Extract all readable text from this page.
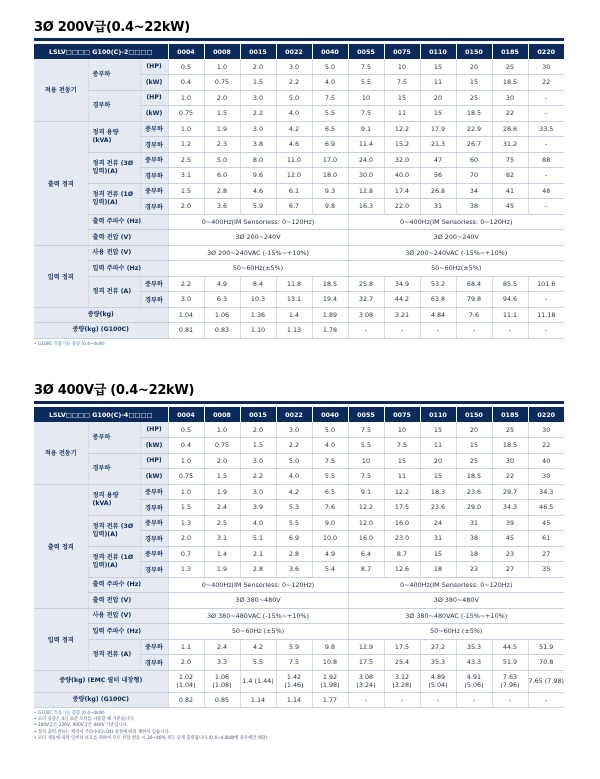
3Ø 200V급(0.4~22kW)
LSLV□□□□ G100(C)-2□□□□			0004	0008	0015	0022	0040	0055	0075	0110	0150	0185	0220
적용 전동기	중부하	(HP)	0.5	1.0	2.0	3.0	5.0	7.5	10	15	20	25	30
		(kW)	0.4	0.75	1.5	2.2	4.0	5.5	7.5	11	15	18.5	22
	경부하	(HP)	1.0	2.0	3.0	5.0	7.5	10	15	20	25	30	-
		(kW)	0.75	1.5	2.2	4.0	5.5	7.5	11	15	18.5	22	-
출력 정격	정격 용량 (kVA)	중부하	1.0	1.9	3.0	4.2	6.5	9.1	12.2	17.9	22.9	28.6	33.5
		경부하	1.2	2.3	3.8	4.6	6.9	11.4	15.2	21.3	26.7	31.2	-
	정격 전류 (3Ø 입력)(A)	중부하	2.5	5.0	8.0	11.0	17.0	24.0	32.0	47	60	75	88
		경부하	3.1	6.0	9.6	12.0	18.0	30.0	40.0	56	70	82	-
	정격 전류 (1Ø 입력)(A)	중부하	1.5	2.8	4.6	6.1	9.3	12.8	17.4	26.8	34	41	48
		경부하	2.0	3.6	5.9	6.7	9.8	16.3	22.0	31	38	45	-
	출력 주파수 (Hz)		0~400Hz(IM Sensorless: 0~120Hz)					0~400Hz(IM Sensorless: 0~120Hz)					
	출력 전압 (V)		3Ø 200~240V					3Ø 200~240V					
입력 정격	사용 전압 (V)		3Ø 200~240VAC (-15%~+10%)					3Ø 200~240VAC (-15%~+10%)					
	입력 주파수 (Hz)		50~60Hz(±5%)					50~60Hz(±5%)					
	정격 전류 (A)	중부하	2.2	4.9	8.4	11.8	18.5	25.8	34.9	53.2	68.4	85.5	101.6
		경부하	3.0	6.3	10.3	13.1	19.4	32.7	44.2	63.8	79.8	94.6	-
중량(kg)			1.04	1.06	1.36	1.4	1.89	3.08	3.21	4.84	7.6	11.1	11.18
중량(kg) (G100C)			0.81	0.83	1.10	1.13	1.78	-	-	-	-	-	-
• G100C 적용가능 용량 (0.4~4kW)
3Ø 400V급 (0.4~22kW)
LSLV□□□□ G100(C)-4□□□□			0004	0008	0015	0022	0040	0055	0075	0110	0150	0185	0220
적용 전동기	중부하	(HP)	0.5	1.0	2.0	3.0	5.0	7.5	10	15	20	25	30
		(kW)	0.4	0.75	1.5	2.2	4.0	5.5	7.5	11	15	18.5	22
	경부하	(HP)	1.0	2.0	3.0	5.0	7.5	10	15	20	25	30	40
		(kW)	0.75	1.5	2.2	4.0	5.5	7.5	11	15	18.5	22	30
출력 정격	정격 용량 (kVA)	중부하	1.0	1.9	3.0	4.2	6.5	9.1	12.2	18.3	23.6	29.7	34.3
		경부하	1.5	2.4	3.9	5.3	7.6	12.2	17.5	23.6	29.0	34.3	46.5
	정격 전류 (3Ø 입력)(A)	중부하	1.3	2.5	4.0	5.5	9.0	12.0	16.0	24	31	39	45
		경부하	2.0	3.1	5.1	6.9	10.0	16.0	23.0	31	38	45	61
	정격 전류 (1Ø 입력)(A)	중부하	0.7	1.4	2.1	2.8	4.9	6.4	8.7	15	18	23	27
		경부하	1.3	1.9	2.8	3.6	5.4	8.7	12.6	18	23	27	35
	출력 주파수 (Hz)		0~400Hz(IM Sensorless: 0~120Hz)					0~400Hz(IM Sensorless: 0~120Hz)					
	출력 전압 (V)		3Ø 380~480V					3Ø 380~480V					
입력 정격	사용 전압 (V)		3Ø 380~480VAC (-15%~+10%)					3Ø 380~480VAC (-15%~+10%)					
	입력 주파수 (Hz)		50~60Hz (±5%)					50~60Hz (±5%)					
	정격 전류 (A)	중부하	1.1	2.4	4.2	5.9	9.8	12.9	17.5	27.2	35.3	44.5	51.9
		경부하	2.0	3.3	5.5	7.5	10.8	17.5	25.4	35.3	43.3	51.9	70.8
중량(kg) (EMC 필터 내장형)			1.02 (1.04)	1.06 (1.08)	1.4 (1.44)	1.42 (1.46)	1.92 (1.98)	3.08 (3.24)	3.12 (3.28)	4.89 (5.04)	4.91 (5.06)	7.63 (7.96)	7.65 (7.98)
중량(kg) (G100C)			0.82	0.85	1.14	1.14	1.77	-	-	-	-	-	-
• G100C 적용가능 용량 (0.4~4kW)
• 모터 용량은 4극 표준 모터를 사용할 때 기준입니다.
• 200V급은 220V, 400V급은 440V 기준입니다.
• 정격 출력 전류는 캐리어 주파수(Cn.04) 설정에 따라 제한이 있습니다.
• 모터 계통에 따라 인버터 보호를 위하여 모터 전압 변동 시 20~40% 정도 낮게 출력됩니다.(0.4~4.0kW에 경우에만 해당)
